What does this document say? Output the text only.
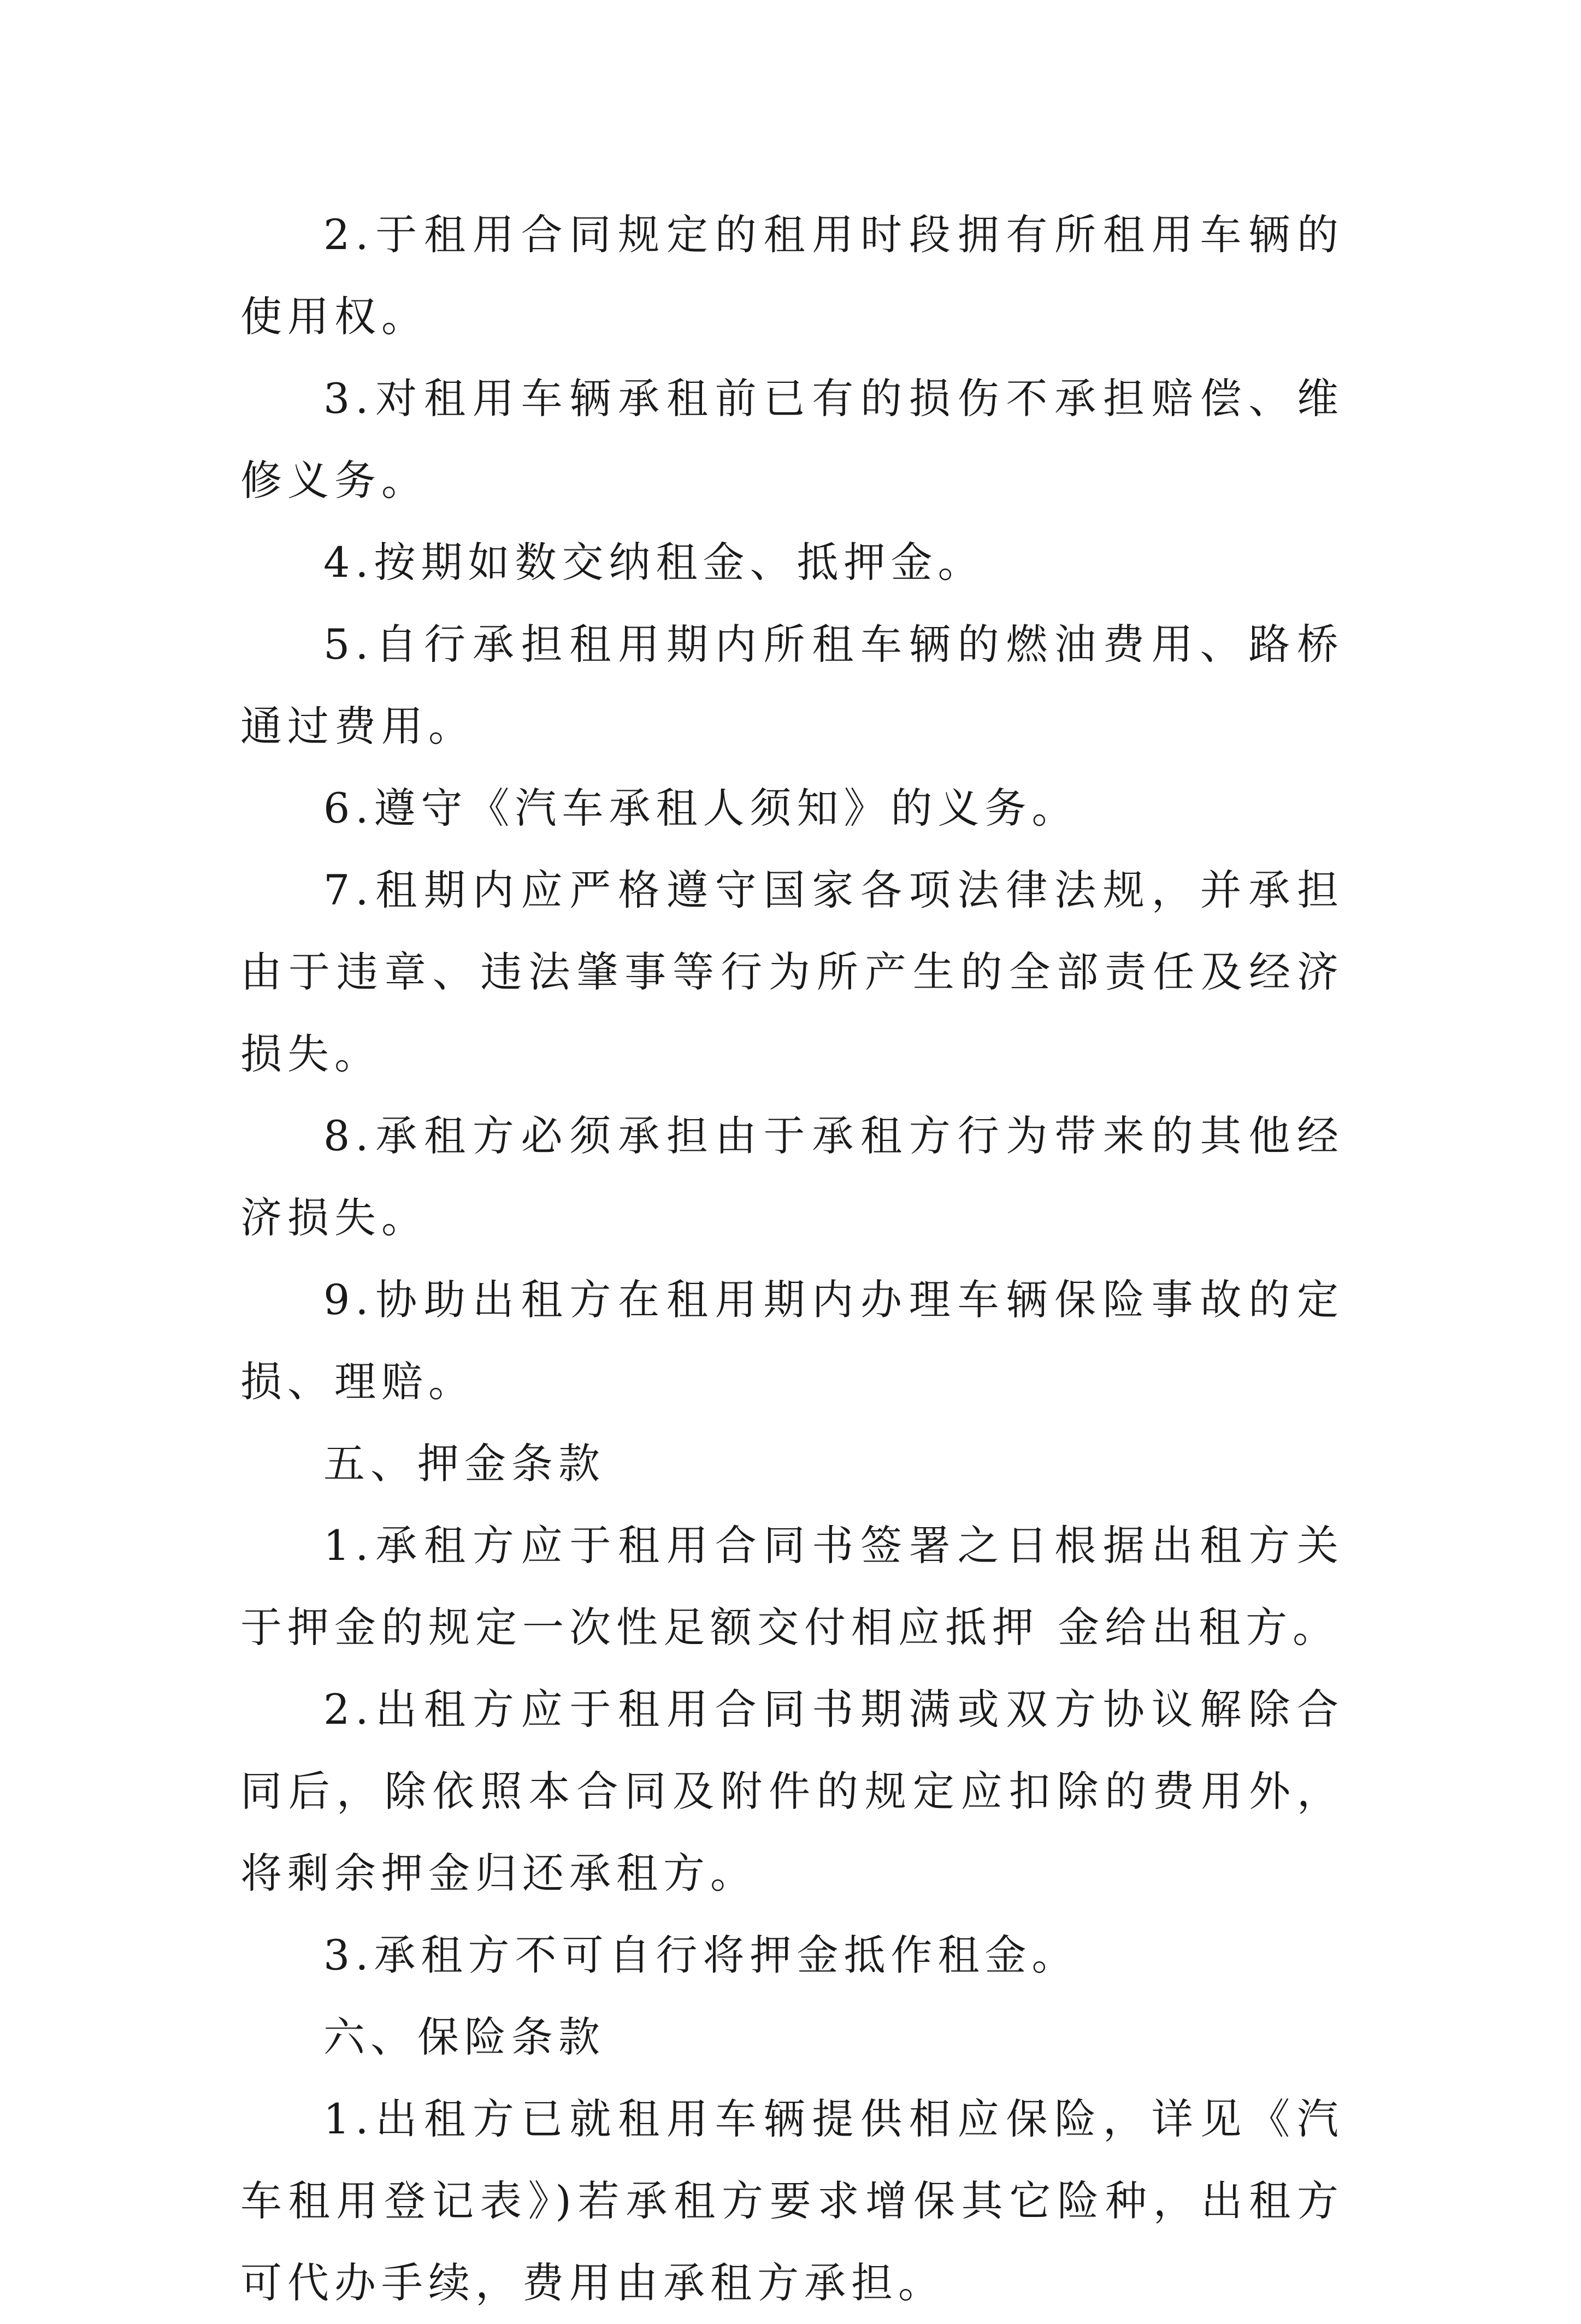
2.于租用合同规定的租用时段拥有所租用车辆的使用权。

3.对租用车辆承租前已有的损伤不承担赔偿、维修义务。

4.按期如数交纳租金、抵押金。

5.自行承担租用期内所租车辆的燃油费用、路桥通过费用。

6.遵守《汽车承租人须知》的义务。

7.租期内应严格遵守国家各项法律法规，并承担由于违章、违法肇事等行为所产生的全部责任及经济损失。

8.承租方必须承担由于承租方行为带来的其他经济损失。

9.协助出租方在租用期内办理车辆保险事故的定损、理赔。

五、押金条款

1.承租方应于租用合同书签署之日根据出租方关于押金的规定一次性足额交付相应抵押 金给出租方。

2.出租方应于租用合同书期满或双方协议解除合同后，除依照本合同及附件的规定应扣除的费用外，将剩余押金归还承租方。

3.承租方不可自行将押金抵作租金。

六、保险条款

1.出租方已就租用车辆提供相应保险，详见《汽车租用登记表》)若承租方要求增保其它险种，出租方可代办手续，费用由承租方承担。
